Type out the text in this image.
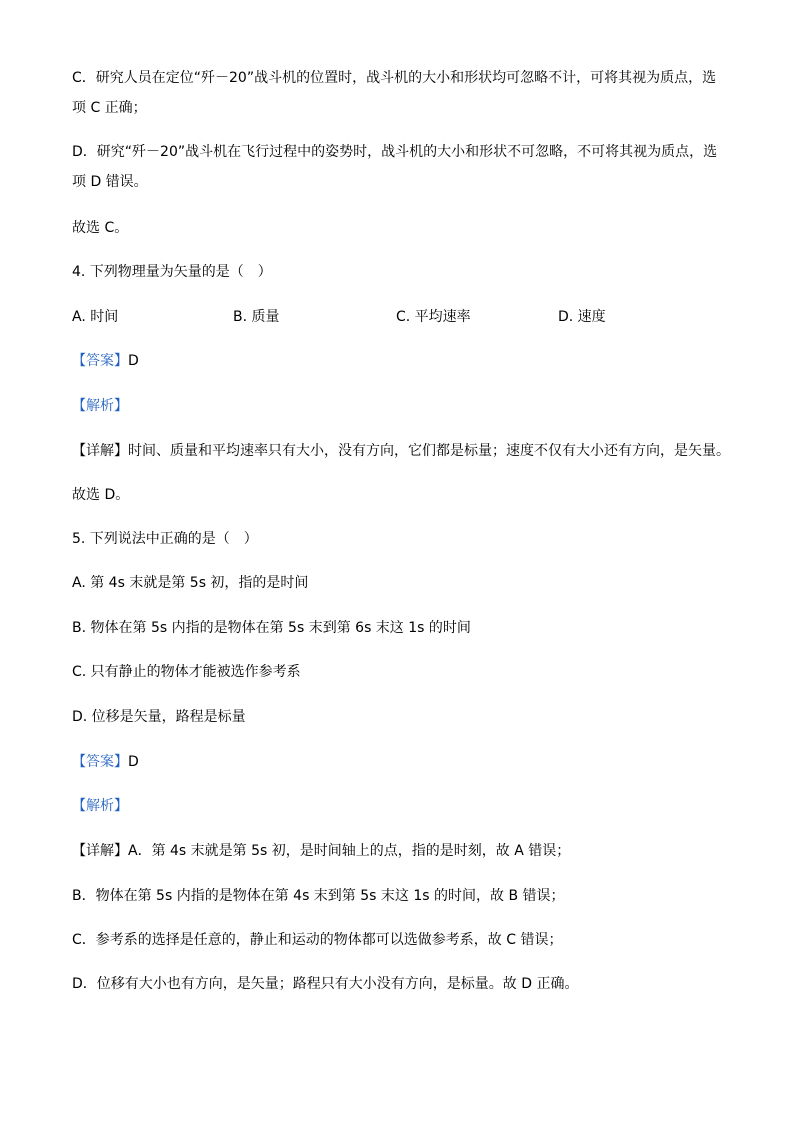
C．研究人员在定位“歼－20”战斗机的位置时，战斗机的大小和形状均可忽略不计，可将其视为质点，选
项 C 正确；
D．研究“歼－20”战斗机在飞行过程中的姿势时，战斗机的大小和形状不可忽略，不可将其视为质点，选
项 D 错误。
故选 C。
4. 下列物理量为矢量的是（　）
A. 时间	B. 质量	C. 平均速率	D. 速度
【答案】D
【解析】
【详解】时间、质量和平均速率只有大小，没有方向，它们都是标量；速度不仅有大小还有方向，是矢量。
故选 D。
5. 下列说法中正确的是（　）
A. 第 4s 末就是第 5s 初，指的是时间
B. 物体在第 5s 内指的是物体在第 5s 末到第 6s 末这 1s 的时间
C. 只有静止的物体才能被选作参考系
D. 位移是矢量，路程是标量
【答案】D
【解析】
【详解】A．第 4s 末就是第 5s 初，是时间轴上的点，指的是时刻，故 A 错误；
B．物体在第 5s 内指的是物体在第 4s 末到第 5s 末这 1s 的时间，故 B 错误；
C．参考系的选择是任意的，静止和运动的物体都可以选做参考系，故 C 错误；
D．位移有大小也有方向，是矢量；路程只有大小没有方向，是标量。故 D 正确。
